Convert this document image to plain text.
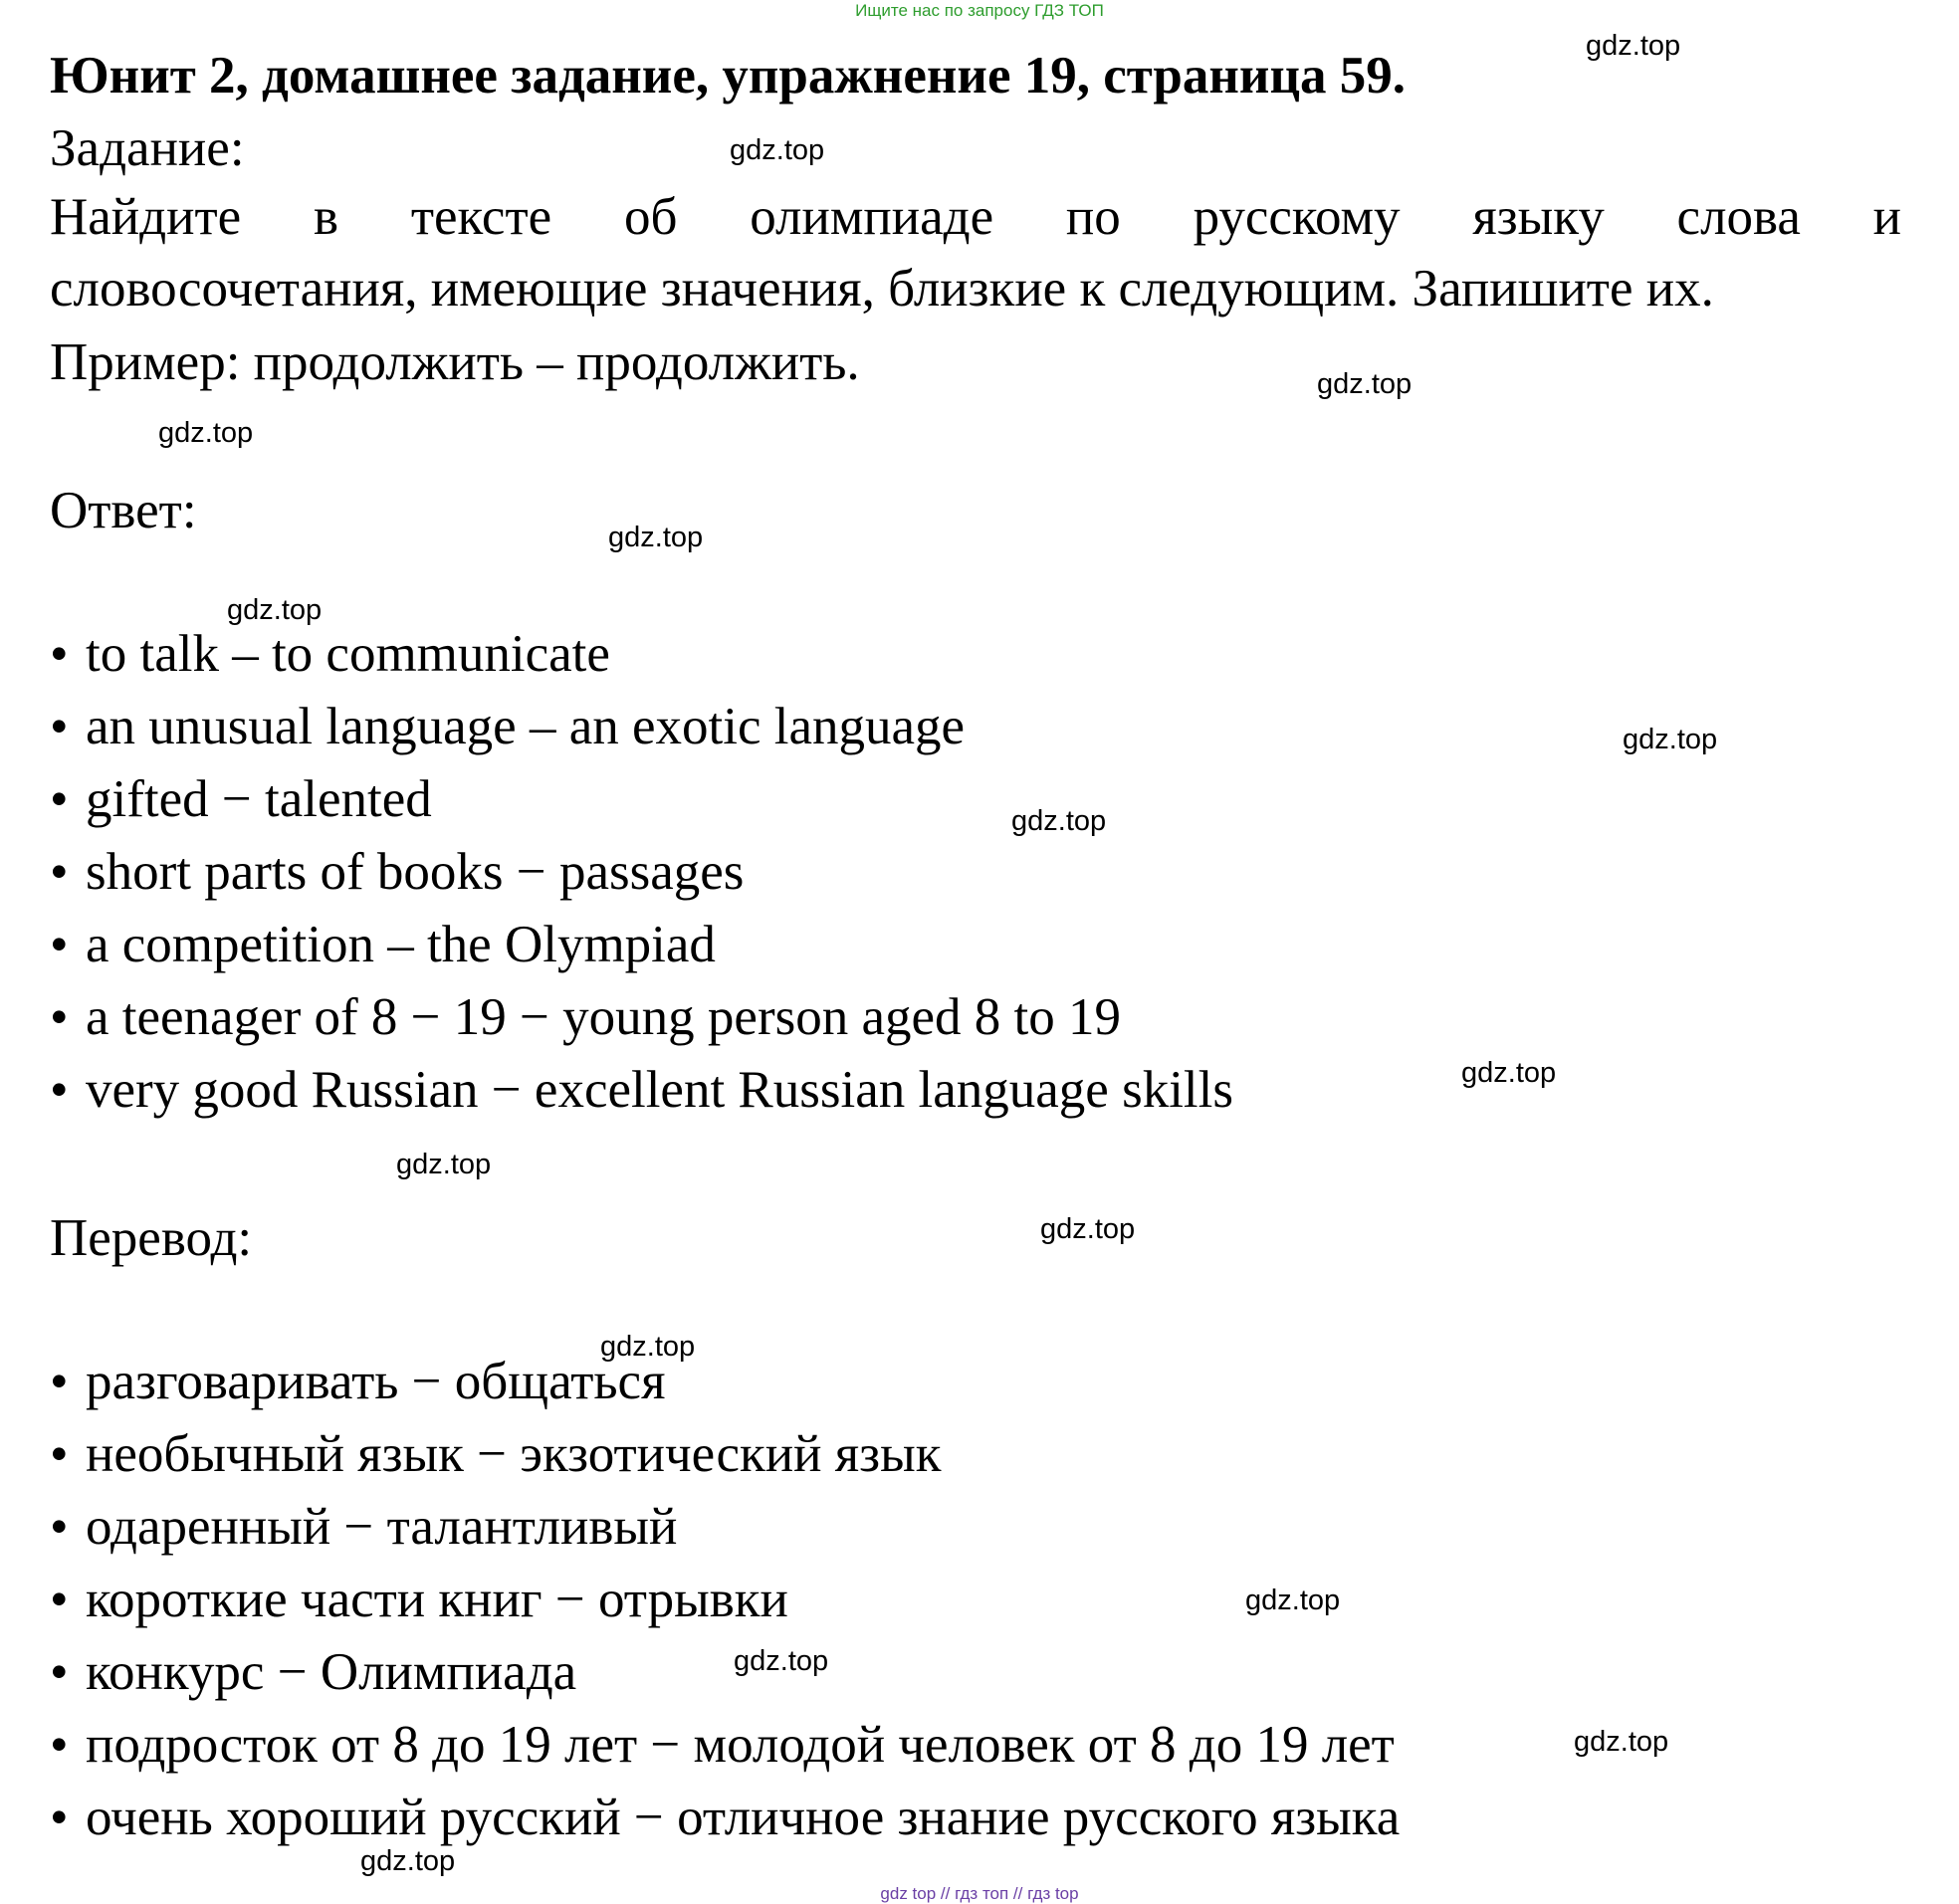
Ищите нас по запросу ГДЗ ТОП
Юнит 2, домашнее задание, упражнение 19, страница 59.
Задание:
Найдите в тексте об олимпиаде по русскому языку слова и
словосочетания, имеющие значения, близкие к следующим. Запишите их.
Пример: продолжить – продолжить.
Ответ:
• to talk – to communicate
• an unusual language – an exotic language
• gifted − talented
• short parts of books − passages
• a competition – the Olympiad
• a teenager of 8 − 19 − young person aged 8 to 19
• very good Russian − excellent Russian language skills
Перевод:
• разговаривать − общаться
• необычный язык − экзотический язык
• одаренный − талантливый
• короткие части книг − отрывки
• конкурс − Олимпиада
• подросток от 8 до 19 лет − молодой человек от 8 до 19 лет
• очень хороший русский − отличное знание русского языка
gdz.top
gdz.top
gdz.top
gdz.top
gdz.top
gdz.top
gdz.top
gdz.top
gdz.top
gdz.top
gdz.top
gdz.top
gdz.top
gdz.top
gdz.top
gdz.top
gdz top // гдз топ // гдз top
